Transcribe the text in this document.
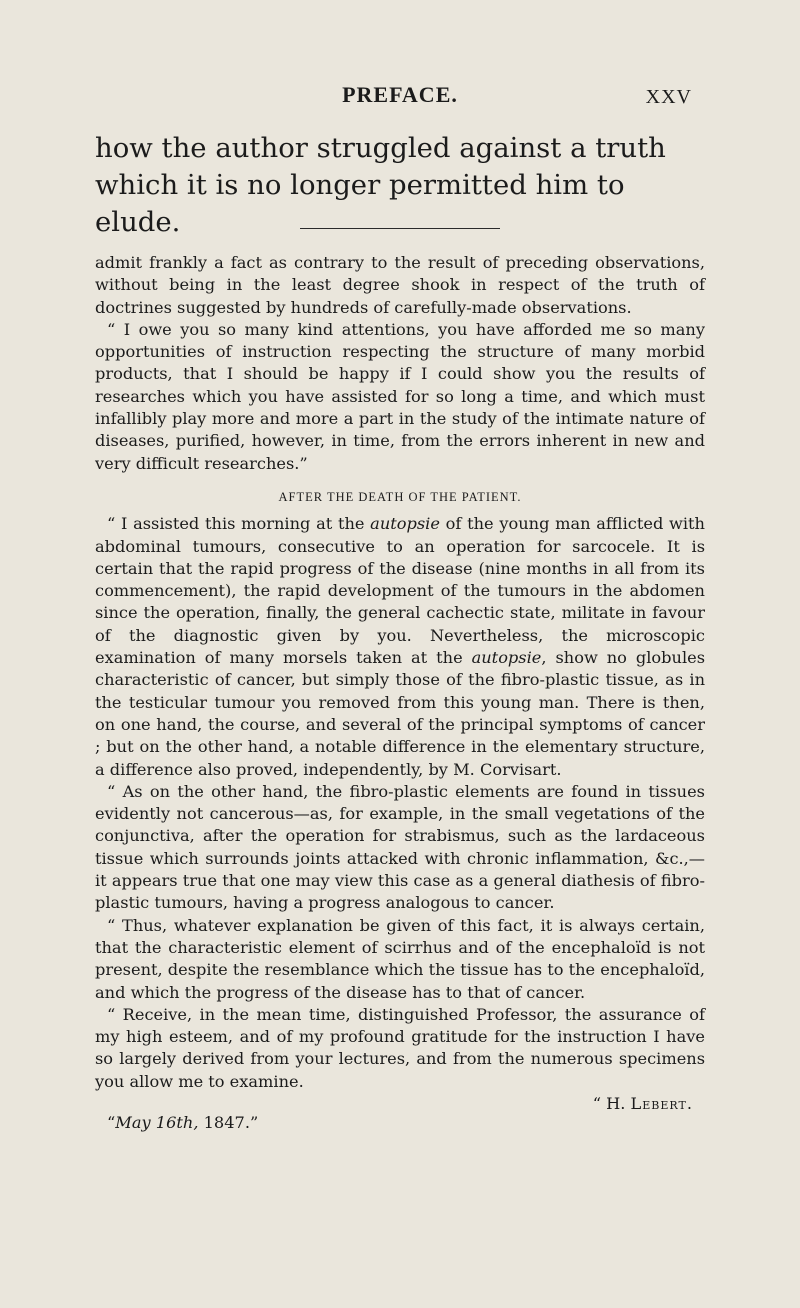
PREFACE.	XXV
how the author struggled against a truth which it is no longer permitted him to elude.

admit frankly a fact as contrary to the result of preceding observations, without being in the least degree shook in respect of the truth of doctrines suggested by hundreds of carefully-made observations.

“ I owe you so many kind attentions, you have afforded me so many opportunities of instruction respecting the structure of many morbid products, that I should be happy if I could show you the results of researches which you have assisted for so long a time, and which must infallibly play more and more a part in the study of the intimate nature of diseases, purified, however, in time, from the errors inherent in new and very difficult researches.”

AFTER THE DEATH OF THE PATIENT.

“ I assisted this morning at the autopsie of the young man afflicted with abdominal tumours, consecutive to an operation for sarcocele. It is certain that the rapid progress of the disease (nine months in all from its commencement), the rapid development of the tumours in the abdomen since the operation, finally, the general cachectic state, militate in favour of the diagnostic given by you. Nevertheless, the microscopic examination of many morsels taken at the autopsie, show no globules characteristic of cancer, but simply those of the fibro-plastic tissue, as in the testicular tumour you removed from this young man. There is then, on one hand, the course, and several of the principal symptoms of cancer ; but on the other hand, a notable difference in the elementary structure, a difference also proved, independently, by M. Corvisart.

“ As on the other hand, the fibro-plastic elements are found in tissues evidently not cancerous—as, for example, in the small vegetations of the conjunctiva, after the operation for strabismus, such as the lardaceous tissue which surrounds joints attacked with chronic inflammation, &c.,—it appears true that one may view this case as a general diathesis of fibro-plastic tumours, having a progress analogous to cancer.

“ Thus, whatever explanation be given of this fact, it is always certain, that the characteristic element of scirrhus and of the encephaloïd is not present, despite the resemblance which the tissue has to the encephaloïd, and which the progress of the disease has to that of cancer.

“ Receive, in the mean time, distinguished Professor, the assurance of my high esteem, and of my profound gratitude for the instruction I have so largely derived from your lectures, and from the numerous specimens you allow me to examine.

“ H. Lebert.
“May 16th, 1847.”
